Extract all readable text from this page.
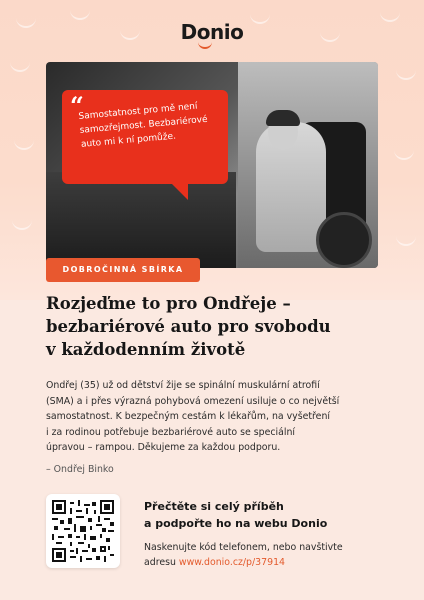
Donio
“
Samostatnost pro mě není samozřejmost. Bezbariérové auto mi k ní pomůže.
DOBROČINNÁ SBÍRKA
Rozjeďme to pro Ondřeje –
bezbariérové auto pro svobodu
v každodenním životě
Ondřej (35) už od dětství žije se spinální muskulární atrofií
(SMA) a i přes výrazná pohybová omezení usiluje o co největší
samostatnost. K bezpečným cestám k lékařům, na vyšetření
i za rodinou potřebuje bezbariérové auto se speciální
úpravou – rampou. Děkujeme za každou podporu.
– Ondřej Binko
Přečtěte si celý příběh
a podpořte ho na webu Donio
Naskenujte kód telefonem, nebo navštivte
adresu www.donio.cz/p/37914
